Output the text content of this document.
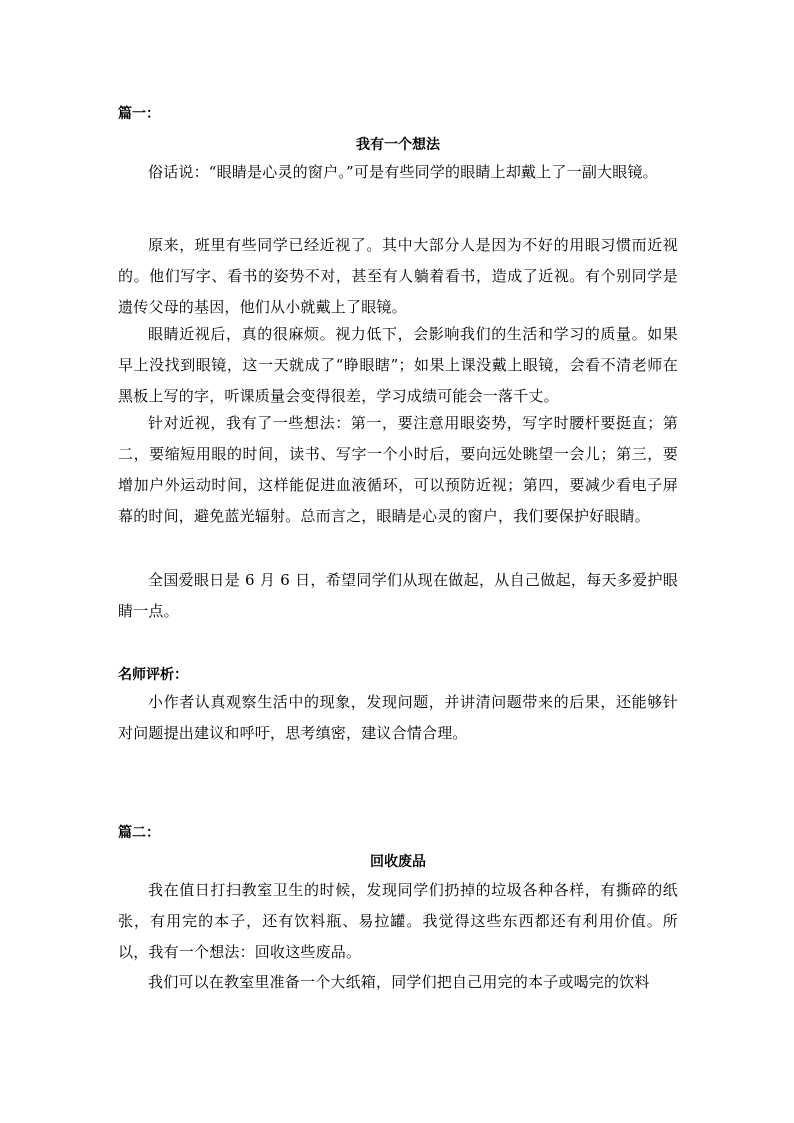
篇一：
我有一个想法
俗话说：“眼睛是心灵的窗户。”可是有些同学的眼睛上却戴上了一副大眼镜。
原来，班里有些同学已经近视了。其中大部分人是因为不好的用眼习惯而近视的。他们写字、看书的姿势不对，甚至有人躺着看书，造成了近视。有个别同学是遗传父母的基因，他们从小就戴上了眼镜。
眼睛近视后，真的很麻烦。视力低下，会影响我们的生活和学习的质量。如果早上没找到眼镜，这一天就成了“睁眼瞎”；如果上课没戴上眼镜，会看不清老师在黑板上写的字，听课质量会变得很差，学习成绩可能会一落千丈。
针对近视，我有了一些想法：第一，要注意用眼姿势，写字时腰杆要挺直；第二，要缩短用眼的时间，读书、写字一个小时后，要向远处眺望一会儿；第三，要增加户外运动时间，这样能促进血液循环，可以预防近视；第四，要减少看电子屏幕的时间，避免蓝光辐射。总而言之，眼睛是心灵的窗户，我们要保护好眼睛。
全国爱眼日是 6 月 6 日，希望同学们从现在做起，从自己做起，每天多爱护眼睛一点。
名师评析：
小作者认真观察生活中的现象，发现问题，并讲清问题带来的后果，还能够针对问题提出建议和呼吁，思考缜密，建议合情合理。
篇二：
回收废品
我在值日打扫教室卫生的时候，发现同学们扔掉的垃圾各种各样，有撕碎的纸张，有用完的本子，还有饮料瓶、易拉罐。我觉得这些东西都还有利用价值。所以，我有一个想法：回收这些废品。
我们可以在教室里准备一个大纸箱，同学们把自己用完的本子或喝完的饮料
